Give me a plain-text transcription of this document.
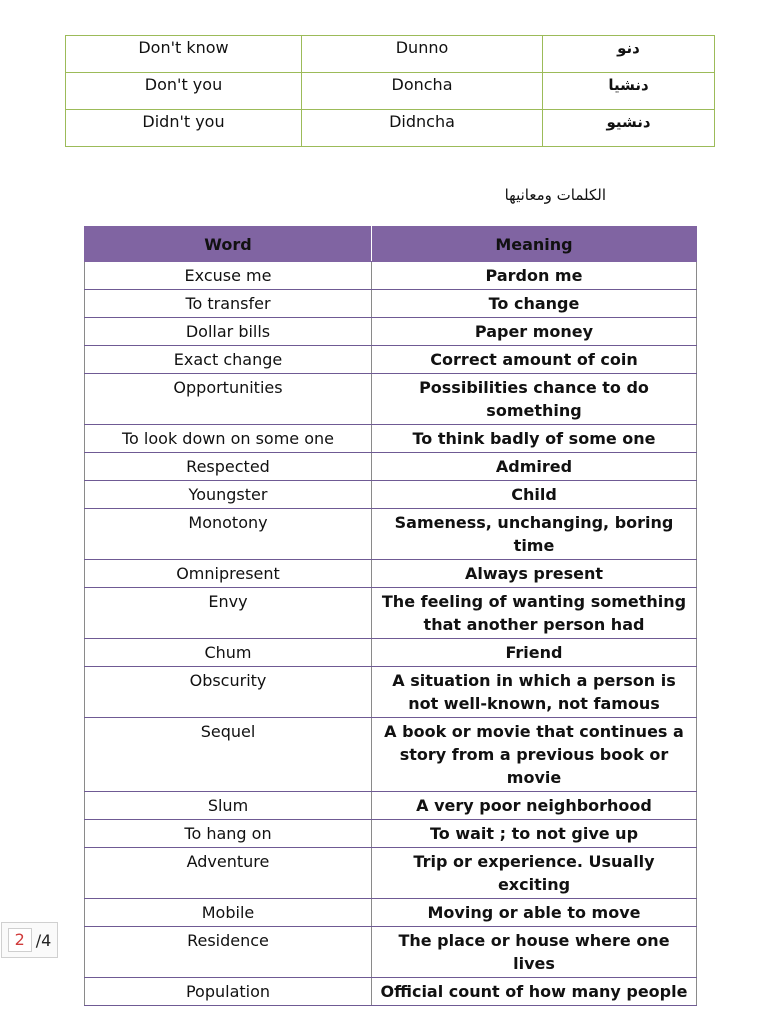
Don't know	Dunno	دنو
Don't you	Doncha	دنشيا
Didn't you	Didncha	دنشيو
الكلمات ومعانيها
Word	Meaning
Excuse me	Pardon me
To transfer	To change
Dollar bills	Paper money
Exact change	Correct amount of coin
Opportunities	Possibilities chance to do something
To look down on some one	To think badly of some one
Respected	Admired
Youngster	Child
Monotony	Sameness, unchanging, boring time
Omnipresent	Always present
Envy	The feeling of wanting something that another person had
Chum	Friend
Obscurity	A situation in which a person is not well-known, not famous
Sequel	A book or movie that continues a story from a previous book or movie
Slum	A very poor neighborhood
To hang on	To wait ; to not give up
Adventure	Trip or experience. Usually exciting
Mobile	Moving or able to move
Residence	The place or house where one lives
Population	Official count of how many people
2 /4
